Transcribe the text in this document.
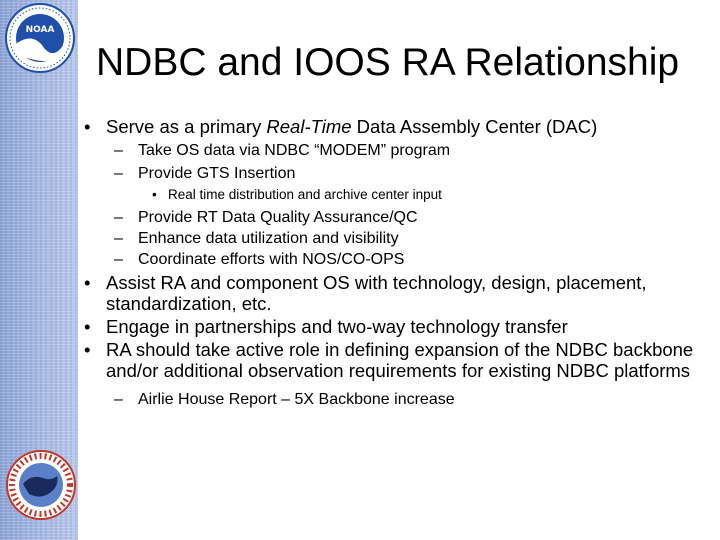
NOAA
NDBC and IOOS RA Relationship
• Serve as a primary Real-Time Data Assembly Center (DAC)
– Take OS data via NDBC “MODEM” program
– Provide GTS Insertion
• Real time distribution and archive center input
– Provide RT Data Quality Assurance/QC
– Enhance data utilization and visibility
– Coordinate efforts with NOS/CO-OPS
• Assist RA and component OS with technology, design, placement, standardization, etc.
• Engage in partnerships and two-way technology transfer
• RA should take active role in defining expansion of the NDBC backbone and/or additional observation requirements for existing NDBC platforms
– Airlie House Report – 5X Backbone increase
